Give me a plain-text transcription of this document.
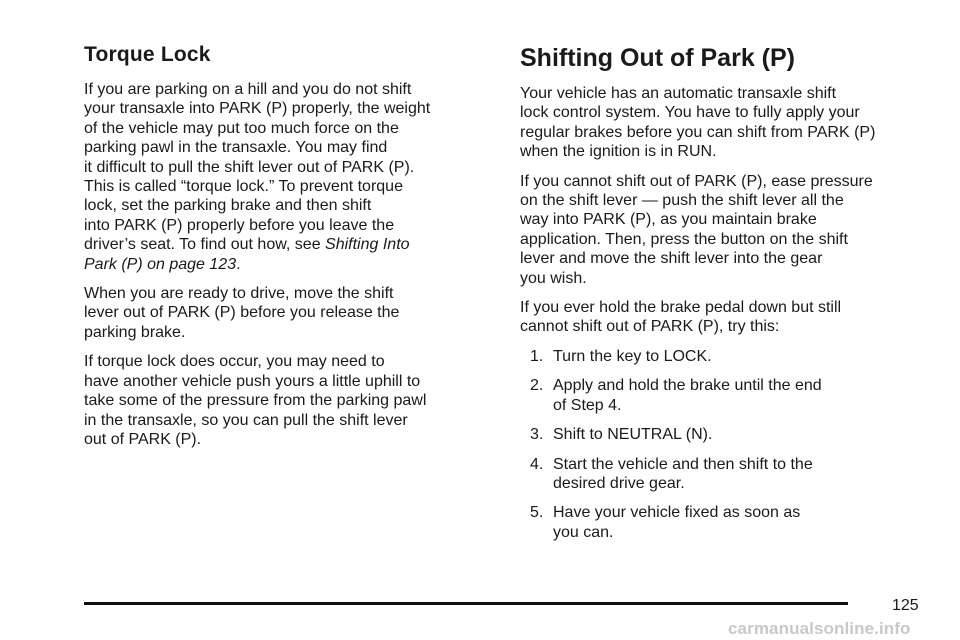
Torque Lock

If you are parking on a hill and you do not shift
your transaxle into PARK (P) properly, the weight
of the vehicle may put too much force on the
parking pawl in the transaxle. You may find
it difficult to pull the shift lever out of PARK (P).
This is called “torque lock.” To prevent torque
lock, set the parking brake and then shift
into PARK (P) properly before you leave the
driver’s seat. To find out how, see Shifting Into
Park (P) on page 123.

When you are ready to drive, move the shift
lever out of PARK (P) before you release the
parking brake.

If torque lock does occur, you may need to
have another vehicle push yours a little uphill to
take some of the pressure from the parking pawl
in the transaxle, so you can pull the shift lever
out of PARK (P).

Shifting Out of Park (P)

Your vehicle has an automatic transaxle shift
lock control system. You have to fully apply your
regular brakes before you can shift from PARK (P)
when the ignition is in RUN.

If you cannot shift out of PARK (P), ease pressure
on the shift lever — push the shift lever all the
way into PARK (P), as you maintain brake
application. Then, press the button on the shift
lever and move the shift lever into the gear
you wish.

If you ever hold the brake pedal down but still
cannot shift out of PARK (P), try this:

1. Turn the key to LOCK.
2. Apply and hold the brake until the end
of Step 4.
3. Shift to NEUTRAL (N).
4. Start the vehicle and then shift to the
desired drive gear.
5. Have your vehicle fixed as soon as
you can.
125
carmanualsonline.info
